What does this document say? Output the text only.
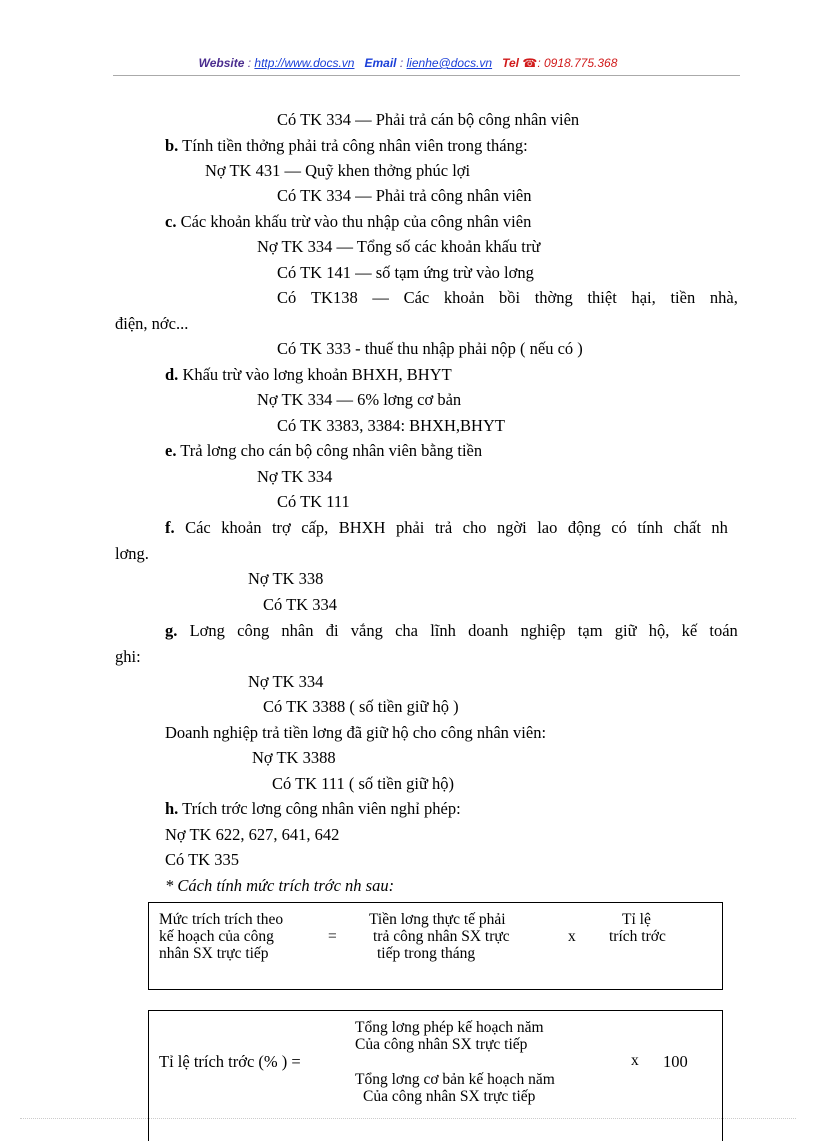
Website : http://www.docs.vn Email : lienhe@docs.vn Tel ☎: 0918.775.368
Có TK 334 — Phải trả cán bộ công nhân viên
b. Tính tiền thởng phải trả công nhân viên trong tháng:
Nợ TK 431 — Quỹ khen thởng phúc lợi
Có TK 334 — Phải trả công nhân viên
c. Các khoản khấu trừ vào thu nhập của công nhân viên
Nợ TK 334 — Tổng số các khoản khấu trừ
Có TK 141 — số tạm ứng trừ vào lơng
Có TK138 — Các khoản bồi thờng thiệt hại, tiền nhà,
điện, nớc...
Có TK 333 - thuế thu nhập phải nộp ( nếu có )
d. Khấu trừ vào lơng khoản BHXH, BHYT
Nợ TK 334 — 6% lơng cơ bản
Có TK 3383, 3384: BHXH,BHYT
e. Trả lơng cho cán bộ công nhân viên bằng tiền
Nợ TK 334
Có TK 111
f. Các khoản trợ cấp, BHXH phải trả cho ngời lao động có tính chất nh
lơng.
Nợ TK 338
Có TK 334
g. Lơng công nhân đi vắng cha lĩnh doanh nghiệp tạm giữ hộ, kế toán
ghi:
Nợ TK 334
Có TK 3388 ( số tiền giữ hộ )
Doanh nghiệp trả tiền lơng đã giữ hộ cho công nhân viên:
Nợ TK 3388
Có TK 111 ( số tiền giữ hộ)
h. Trích trớc lơng công nhân viên nghỉ phép:
Nợ TK 622, 627, 641, 642
Có TK 335
* Cách tính mức trích trớc nh sau:
Mức trích trích theo
kế hoạch của công
nhân SX trực tiếp
=
Tiền lơng thực tế phải
trả công nhân SX trực
tiếp trong tháng
x
Tỉ lệ
trích trớc
Tỉ lệ trích trớc (% ) =
Tổng lơng phép kế hoạch năm
Của công nhân SX trực tiếp
Tổng lơng cơ bản kế hoạch năm
Của công nhân SX trực tiếp
x 100
